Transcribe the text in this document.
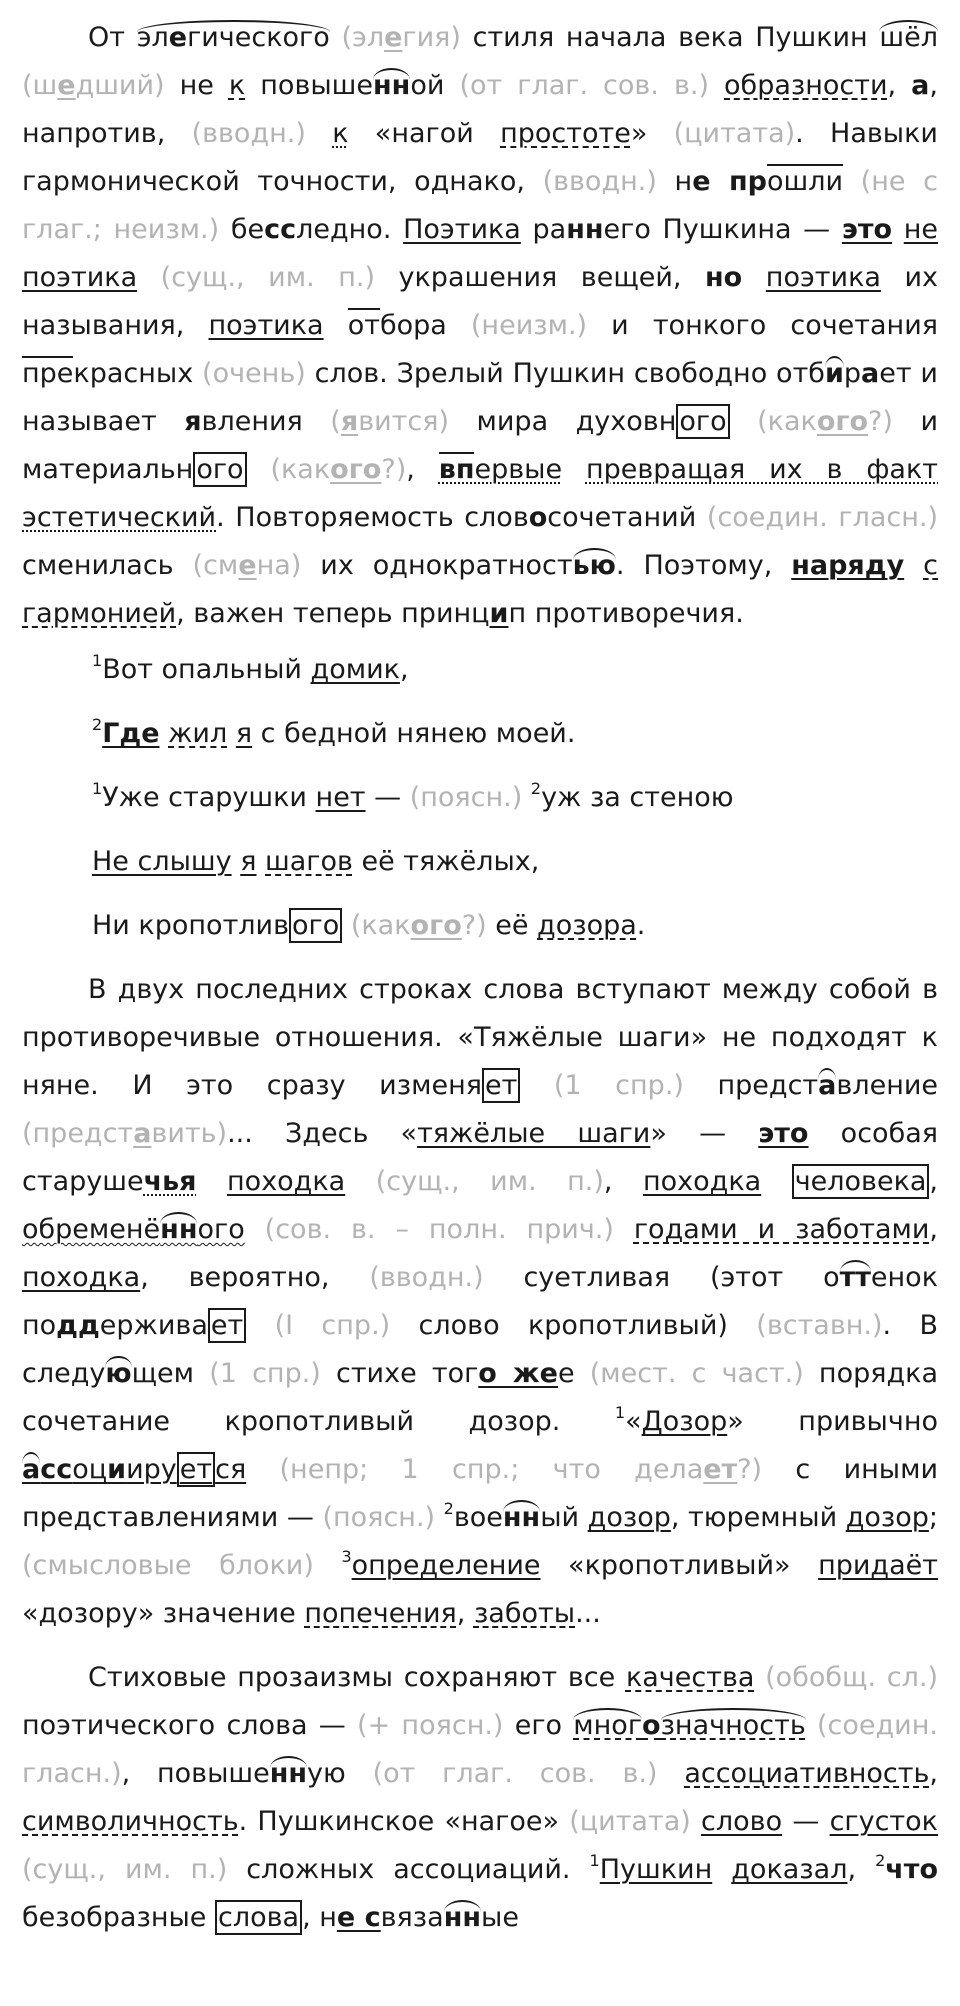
От элегического (элегия) стиля начала века Пушкин шёл (шедший) не к повышенной (от глаг. сов. в.) образности, а, напротив, (вводн.) к «нагой простоте» (цитата). Навыки гармонической точности, однако, (вводн.) не прошли (не с глаг.; неизм.) бесследно. Поэтика раннего Пушкина — это не поэтика (сущ., им. п.) украшения вещей, но поэтика их называния, поэтика отбора (неизм.) и тонкого сочетания прекрасных (очень) слов. Зрелый Пушкин свободно отбирает и называет явления (явится) мира духовн ого (какого?) и материальн ого (какого?), впервые превращая их в факт эстетический. Повторяемость словосочетаний (соедин. гласн.) сменилась (смена) их однократностью. Поэтому, наряду с гармонией, важен теперь принцип противоречия.

$^1$Вот опальный домик,

$^2$Где жил я с бедной нянею моей.

$^1$Уже старушки нет — (поясн.) $^2$уж за стеною

Не слышу я шагов её тяжёлых,

Ни кропотлив ого (какого?) её дозора.

В двух последних строках слова вступают между собой в противоречивые отношения. «Тяжёлые шаги» не подходят к няне. И это сразу изменя ет (1 спр.) представление (представить)... Здесь «тяжёлые шаги» — это особая старушечья походка (сущ., им. п.), походка человека , обременённого (сов. в. – полн. прич.) годами и заботами, походка, вероятно, (вводн.) суетливая (этот оттенок поддержива ет (I спр.) слово кропотливый) (вставн.). В следующем (1 спр.) стихе того жее (мест. с част.) порядка сочетание кропотливый дозор. $^1$«Дозор» привычно ассоцииру ет ся (непр; 1 спр.; что делает?) с иными представлениями — (поясн.) $^2$военный дозор, тюремный дозор; (смысловые блоки) $^3$определение «кропотливый» придаёт «дозору» значение попечения, заботы...

Стиховые прозаизмы сохраняют все качества (обобщ. сл.) поэтического слова — (+ поясн.) его многозначность (соедин. гласн.), повышенную (от глаг. сов. в.) ассоциативность, символичность. Пушкинское «нагое» (цитата) слово — сгусток (сущ., им. п.) сложных ассоциаций. $^1$Пушкин доказал, $^2$что безобразные слова , не связанные
